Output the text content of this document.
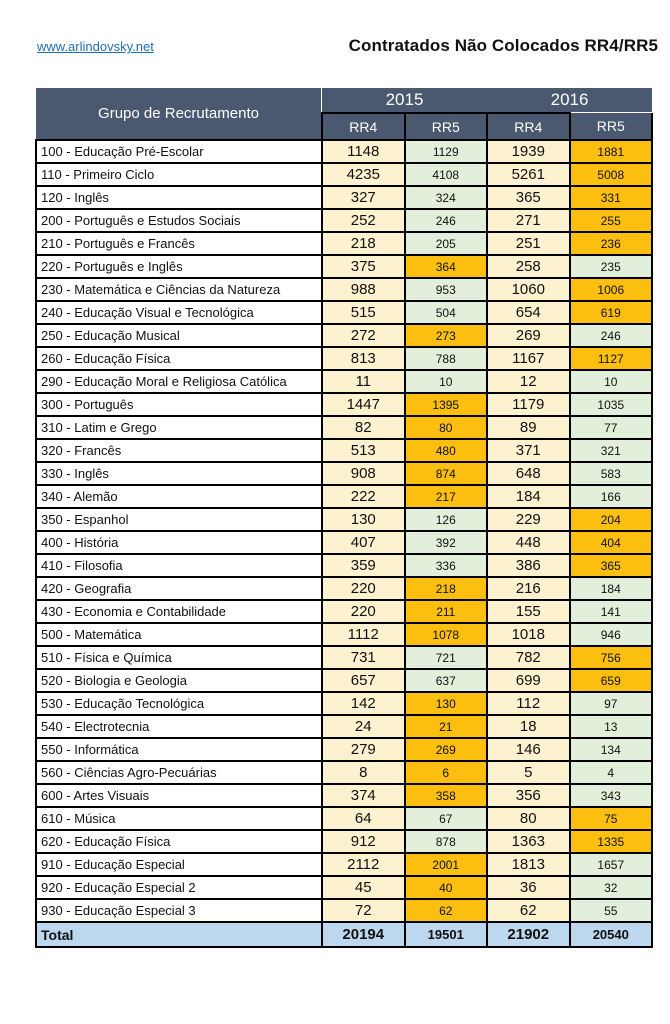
www.arlindovsky.net	Contratados Não Colocados RR4/RR5
Grupo de Recrutamento	2015		2016	
	RR4	RR5	RR4	RR5
100 - Educação Pré-Escolar	1148	1129	1939	1881
110 - Primeiro Ciclo	4235	4108	5261	5008
120 - Inglês	327	324	365	331
200 - Português e Estudos Sociais	252	246	271	255
210 - Português e Francês	218	205	251	236
220 - Português e Inglês	375	364	258	235
230 - Matemática e Ciências da Natureza	988	953	1060	1006
240 - Educação Visual e Tecnológica	515	504	654	619
250 - Educação Musical	272	273	269	246
260 - Educação Física	813	788	1167	1127
290 - Educação Moral e Religiosa Católica	11	10	12	10
300 - Português	1447	1395	1179	1035
310 - Latim e Grego	82	80	89	77
320 - Francês	513	480	371	321
330 - Inglês	908	874	648	583
340 - Alemão	222	217	184	166
350 - Espanhol	130	126	229	204
400 - História	407	392	448	404
410 - Filosofia	359	336	386	365
420 - Geografia	220	218	216	184
430 - Economia e Contabilidade	220	211	155	141
500 - Matemática	1112	1078	1018	946
510 - Física e Química	731	721	782	756
520 - Biologia e Geologia	657	637	699	659
530 - Educação Tecnológica	142	130	112	97
540 - Electrotecnia	24	21	18	13
550 - Informática	279	269	146	134
560 - Ciências Agro-Pecuárias	8	6	5	4
600 - Artes Visuais	374	358	356	343
610 - Música	64	67	80	75
620 - Educação Física	912	878	1363	1335
910 - Educação Especial	2112	2001	1813	1657
920 - Educação Especial 2	45	40	36	32
930 - Educação Especial 3	72	62	62	55
Total	20194	19501	21902	20540
